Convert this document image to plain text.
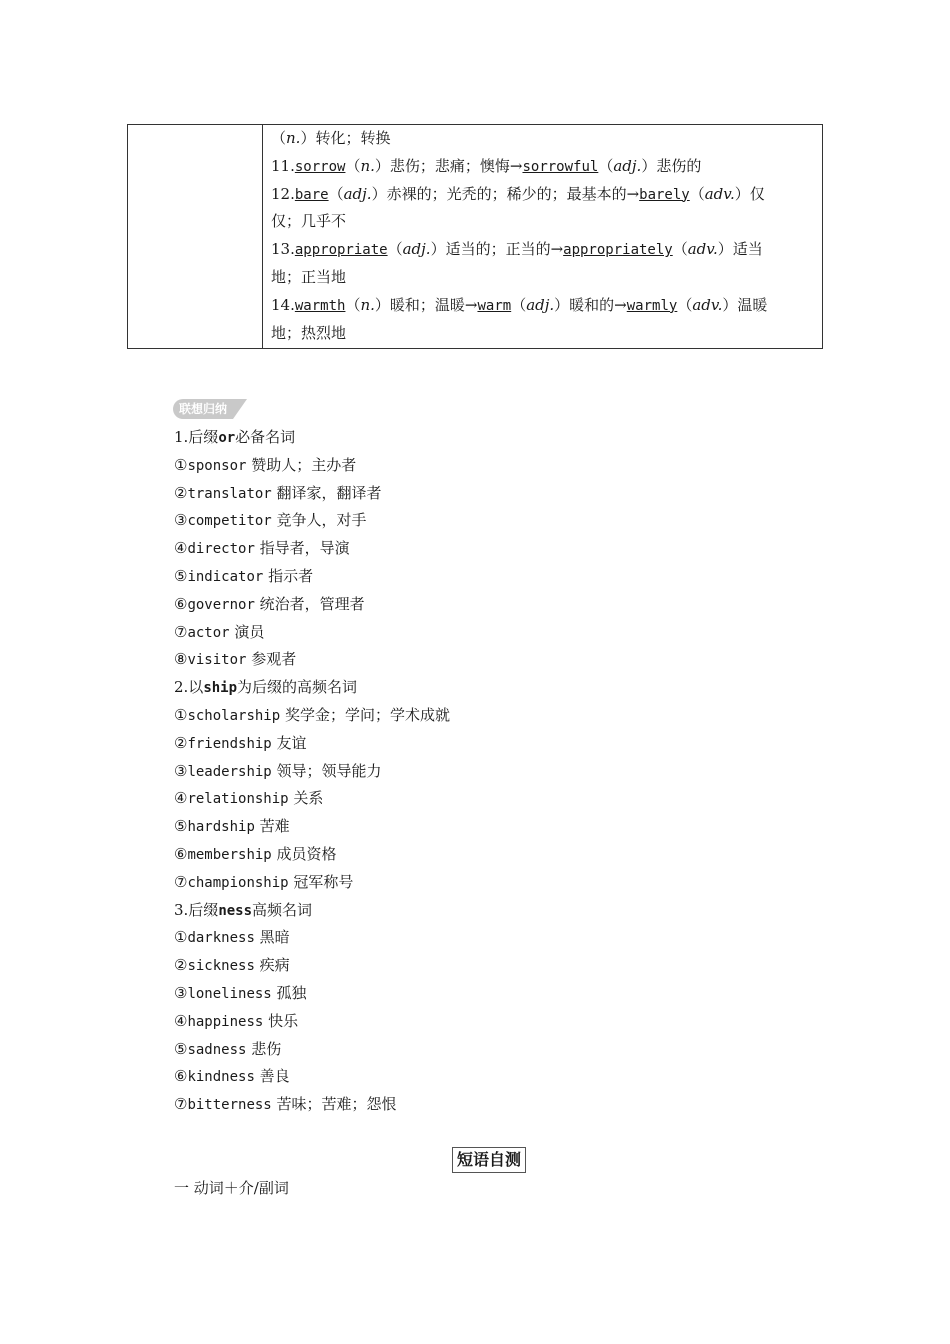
（n.）转化；转换
11.sorrow（n.）悲伤；悲痛；懊悔→sorrowful（adj.）悲伤的
12.bare（adj.）赤裸的；光秃的；稀少的；最基本的→barely（adv.）仅
仅；几乎不
13.appropriate（adj.）适当的；正当的→appropriately（adv.）适当
地；正当地
14.warmth（n.）暖和；温暖→warm（adj.）暖和的→warmly（adv.）温暖
地；热烈地
联想归纳
1.后缀or必备名词
①sponsor 赞助人；主办者
②translator 翻译家，翻译者
③competitor 竞争人，对手
④director 指导者，导演
⑤indicator 指示者
⑥governor 统治者，管理者
⑦actor 演员
⑧visitor 参观者
2.以ship为后缀的高频名词
①scholarship 奖学金；学问；学术成就
②friendship 友谊
③leadership 领导；领导能力
④relationship 关系
⑤hardship 苦难
⑥membership 成员资格
⑦championship 冠军称号
3.后缀ness高频名词
①darkness 黑暗
②sickness 疾病
③loneliness 孤独
④happiness 快乐
⑤sadness 悲伤
⑥kindness 善良
⑦bitterness 苦味；苦难；怨恨
短语自测
一 动词＋介/副词
